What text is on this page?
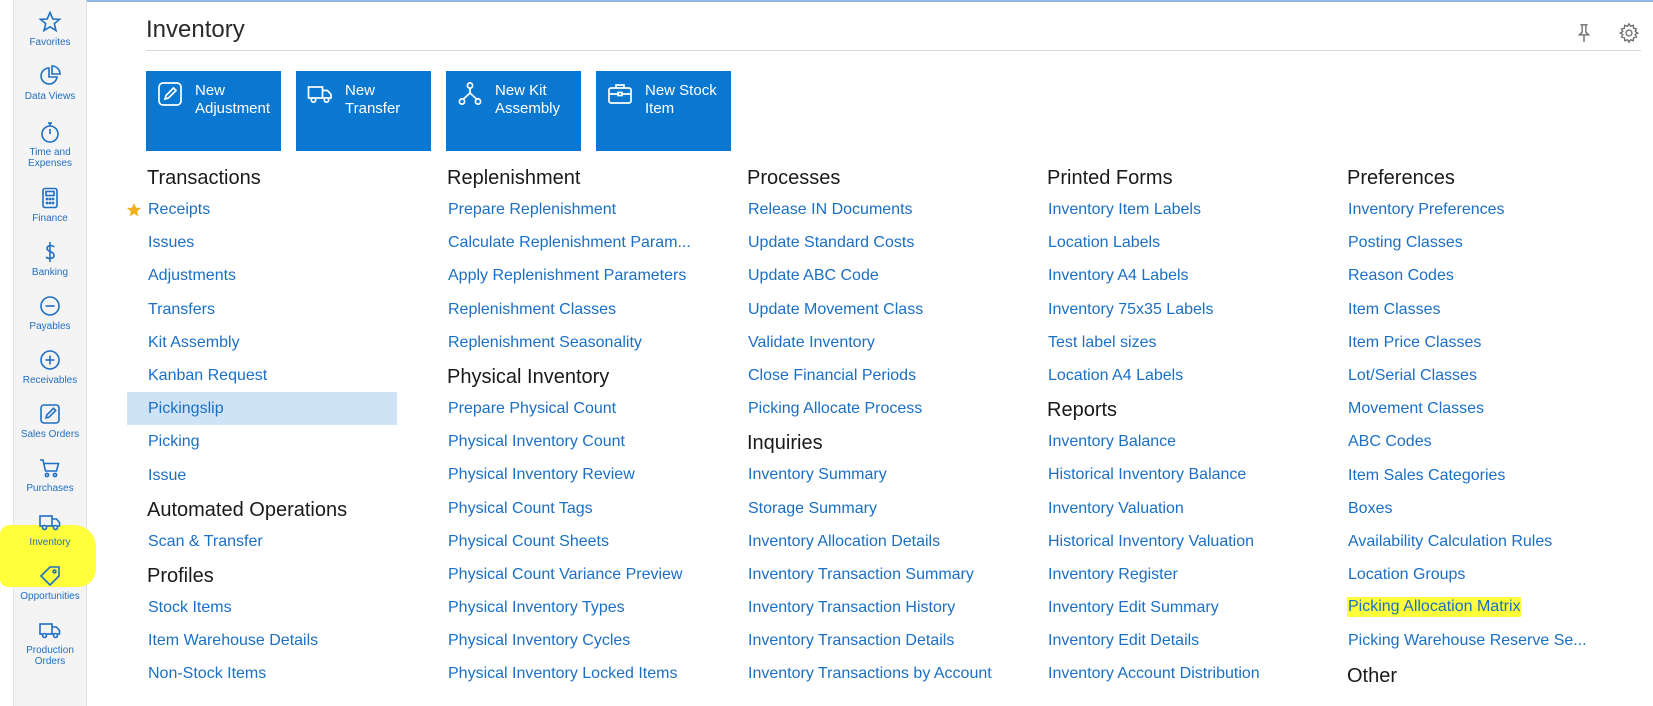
Favorites
Data Views
Time and Expenses
Finance
Banking
Payables
Receivables
Sales Orders
Purchases
Inventory
Opportunities
Production Orders
Inventory
New
Adjustment
New
Transfer
New Kit
Assembly
New Stock
Item
Transactions
Receipts
Issues
Adjustments
Transfers
Kit Assembly
Kanban Request
Pickingslip
Picking
Issue
Automated Operations
Scan & Transfer
Profiles
Stock Items
Item Warehouse Details
Non-Stock Items
Replenishment
Prepare Replenishment
Calculate Replenishment Param...
Apply Replenishment Parameters
Replenishment Classes
Replenishment Seasonality
Physical Inventory
Prepare Physical Count
Physical Inventory Count
Physical Inventory Review
Physical Count Tags
Physical Count Sheets
Physical Count Variance Preview
Physical Inventory Types
Physical Inventory Cycles
Physical Inventory Locked Items
Processes
Release IN Documents
Update Standard Costs
Update ABC Code
Update Movement Class
Validate Inventory
Close Financial Periods
Picking Allocate Process
Inquiries
Inventory Summary
Storage Summary
Inventory Allocation Details
Inventory Transaction Summary
Inventory Transaction History
Inventory Transaction Details
Inventory Transactions by Account
Printed Forms
Inventory Item Labels
Location Labels
Inventory A4 Labels
Inventory 75x35 Labels
Test label sizes
Location A4 Labels
Reports
Inventory Balance
Historical Inventory Balance
Inventory Valuation
Historical Inventory Valuation
Inventory Register
Inventory Edit Summary
Inventory Edit Details
Inventory Account Distribution
Preferences
Inventory Preferences
Posting Classes
Reason Codes
Item Classes
Item Price Classes
Lot/Serial Classes
Movement Classes
ABC Codes
Item Sales Categories
Boxes
Availability Calculation Rules
Location Groups
Picking Allocation Matrix
Picking Warehouse Reserve Se...
Other
